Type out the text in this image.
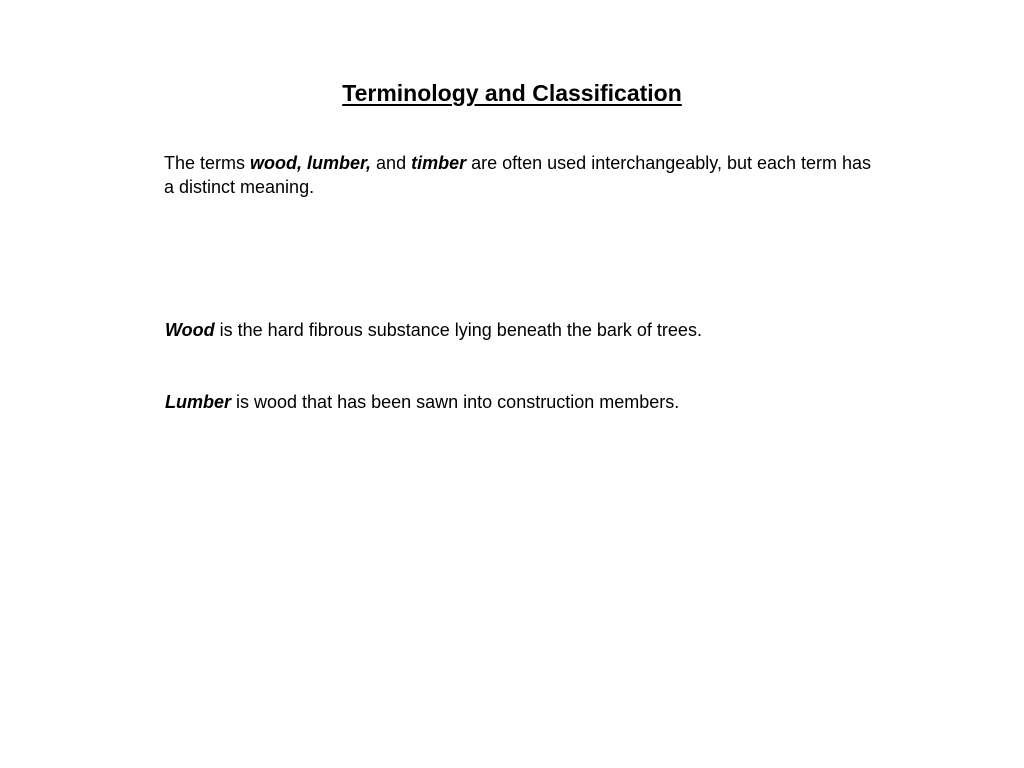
Terminology and Classification

The terms wood, lumber, and timber are often used interchangeably, but each term has a distinct meaning.

Wood is the hard fibrous substance lying beneath the bark of trees.

Lumber is wood that has been sawn into construction members.
